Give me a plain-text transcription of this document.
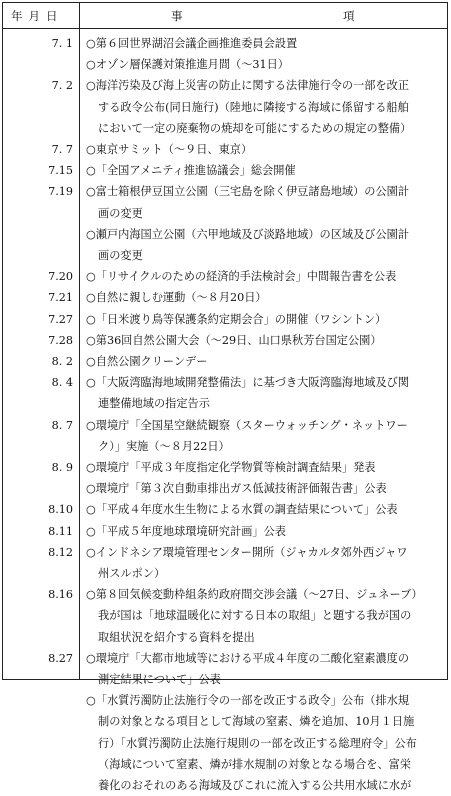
年月日	事	項
7. 1 ○第６回世界湖沼会議企画推進委員会設置
○オゾン層保護対策推進月間（～31日）
7. 2 ○海洋汚染及び海上災害の防止に関する法律施行令の一部を改正
する政令公布(同日施行)（陸地に隣接する海域に係留する船舶
において一定の廃棄物の焼却を可能にするための規定の整備）
7. 7 ○東京サミット（～９日、東京）
7.15 ○「全国アメニティ推進協議会」総会開催
7.19 ○富士箱根伊豆国立公園（三宅島を除く伊豆諸島地域）の公園計
画の変更
○瀬戸内海国立公園（六甲地域及び淡路地域）の区域及び公園計
画の変更
7.20 ○「リサイクルのための経済的手法検討会」中間報告書を公表
7.21 ○自然に親しむ運動（～８月20日）
7.27 ○「日米渡り鳥等保護条約定期会合」の開催（ワシントン）
7.28 ○第36回自然公園大会（～29日、山口県秋芳台国定公園）
8. 2 ○自然公園クリーンデー
8. 4 ○「大阪湾臨海地域開発整備法」に基づき大阪湾臨海地域及び関
連整備地域の指定告示
8. 7 ○環境庁「全国星空継続観察（スターウォッチング・ネットワー
ク）」実施（～８月22日）
8. 9 ○環境庁「平成３年度指定化学物質等検討調査結果」発表
○環境庁「第３次自動車排出ガス低減技術評価報告書」公表
8.10 ○「平成４年度水生生物による水質の調査結果について」公表
8.11 ○「平成５年度地球環境研究計画」公表
8.12 ○インドネシア環境管理センター開所（ジャカルタ郊外西ジャワ
州スルポン）
8.16 ○第８回気候変動枠組条約政府間交渉会議（～27日、ジュネーブ）
我が国は「地球温暖化に対する日本の取組」と題する我が国の
取組状況を紹介する資料を提出
8.27 ○環境庁「大都市地域等における平成４年度の二酸化窒素濃度の
測定結果について」公表
○「水質汚濁防止法施行令の一部を改正する政令」公布（排水規
制の対象となる項目として海域の窒素、燐を追加、10月１日施
行）「水質汚濁防止法施行規則の一部を改正する総理府令」公布
（海域について窒素、燐が排水規制の対象となる場合を、富栄
養化のおそれのある海域及びこれに流入する公共用水域に水が
